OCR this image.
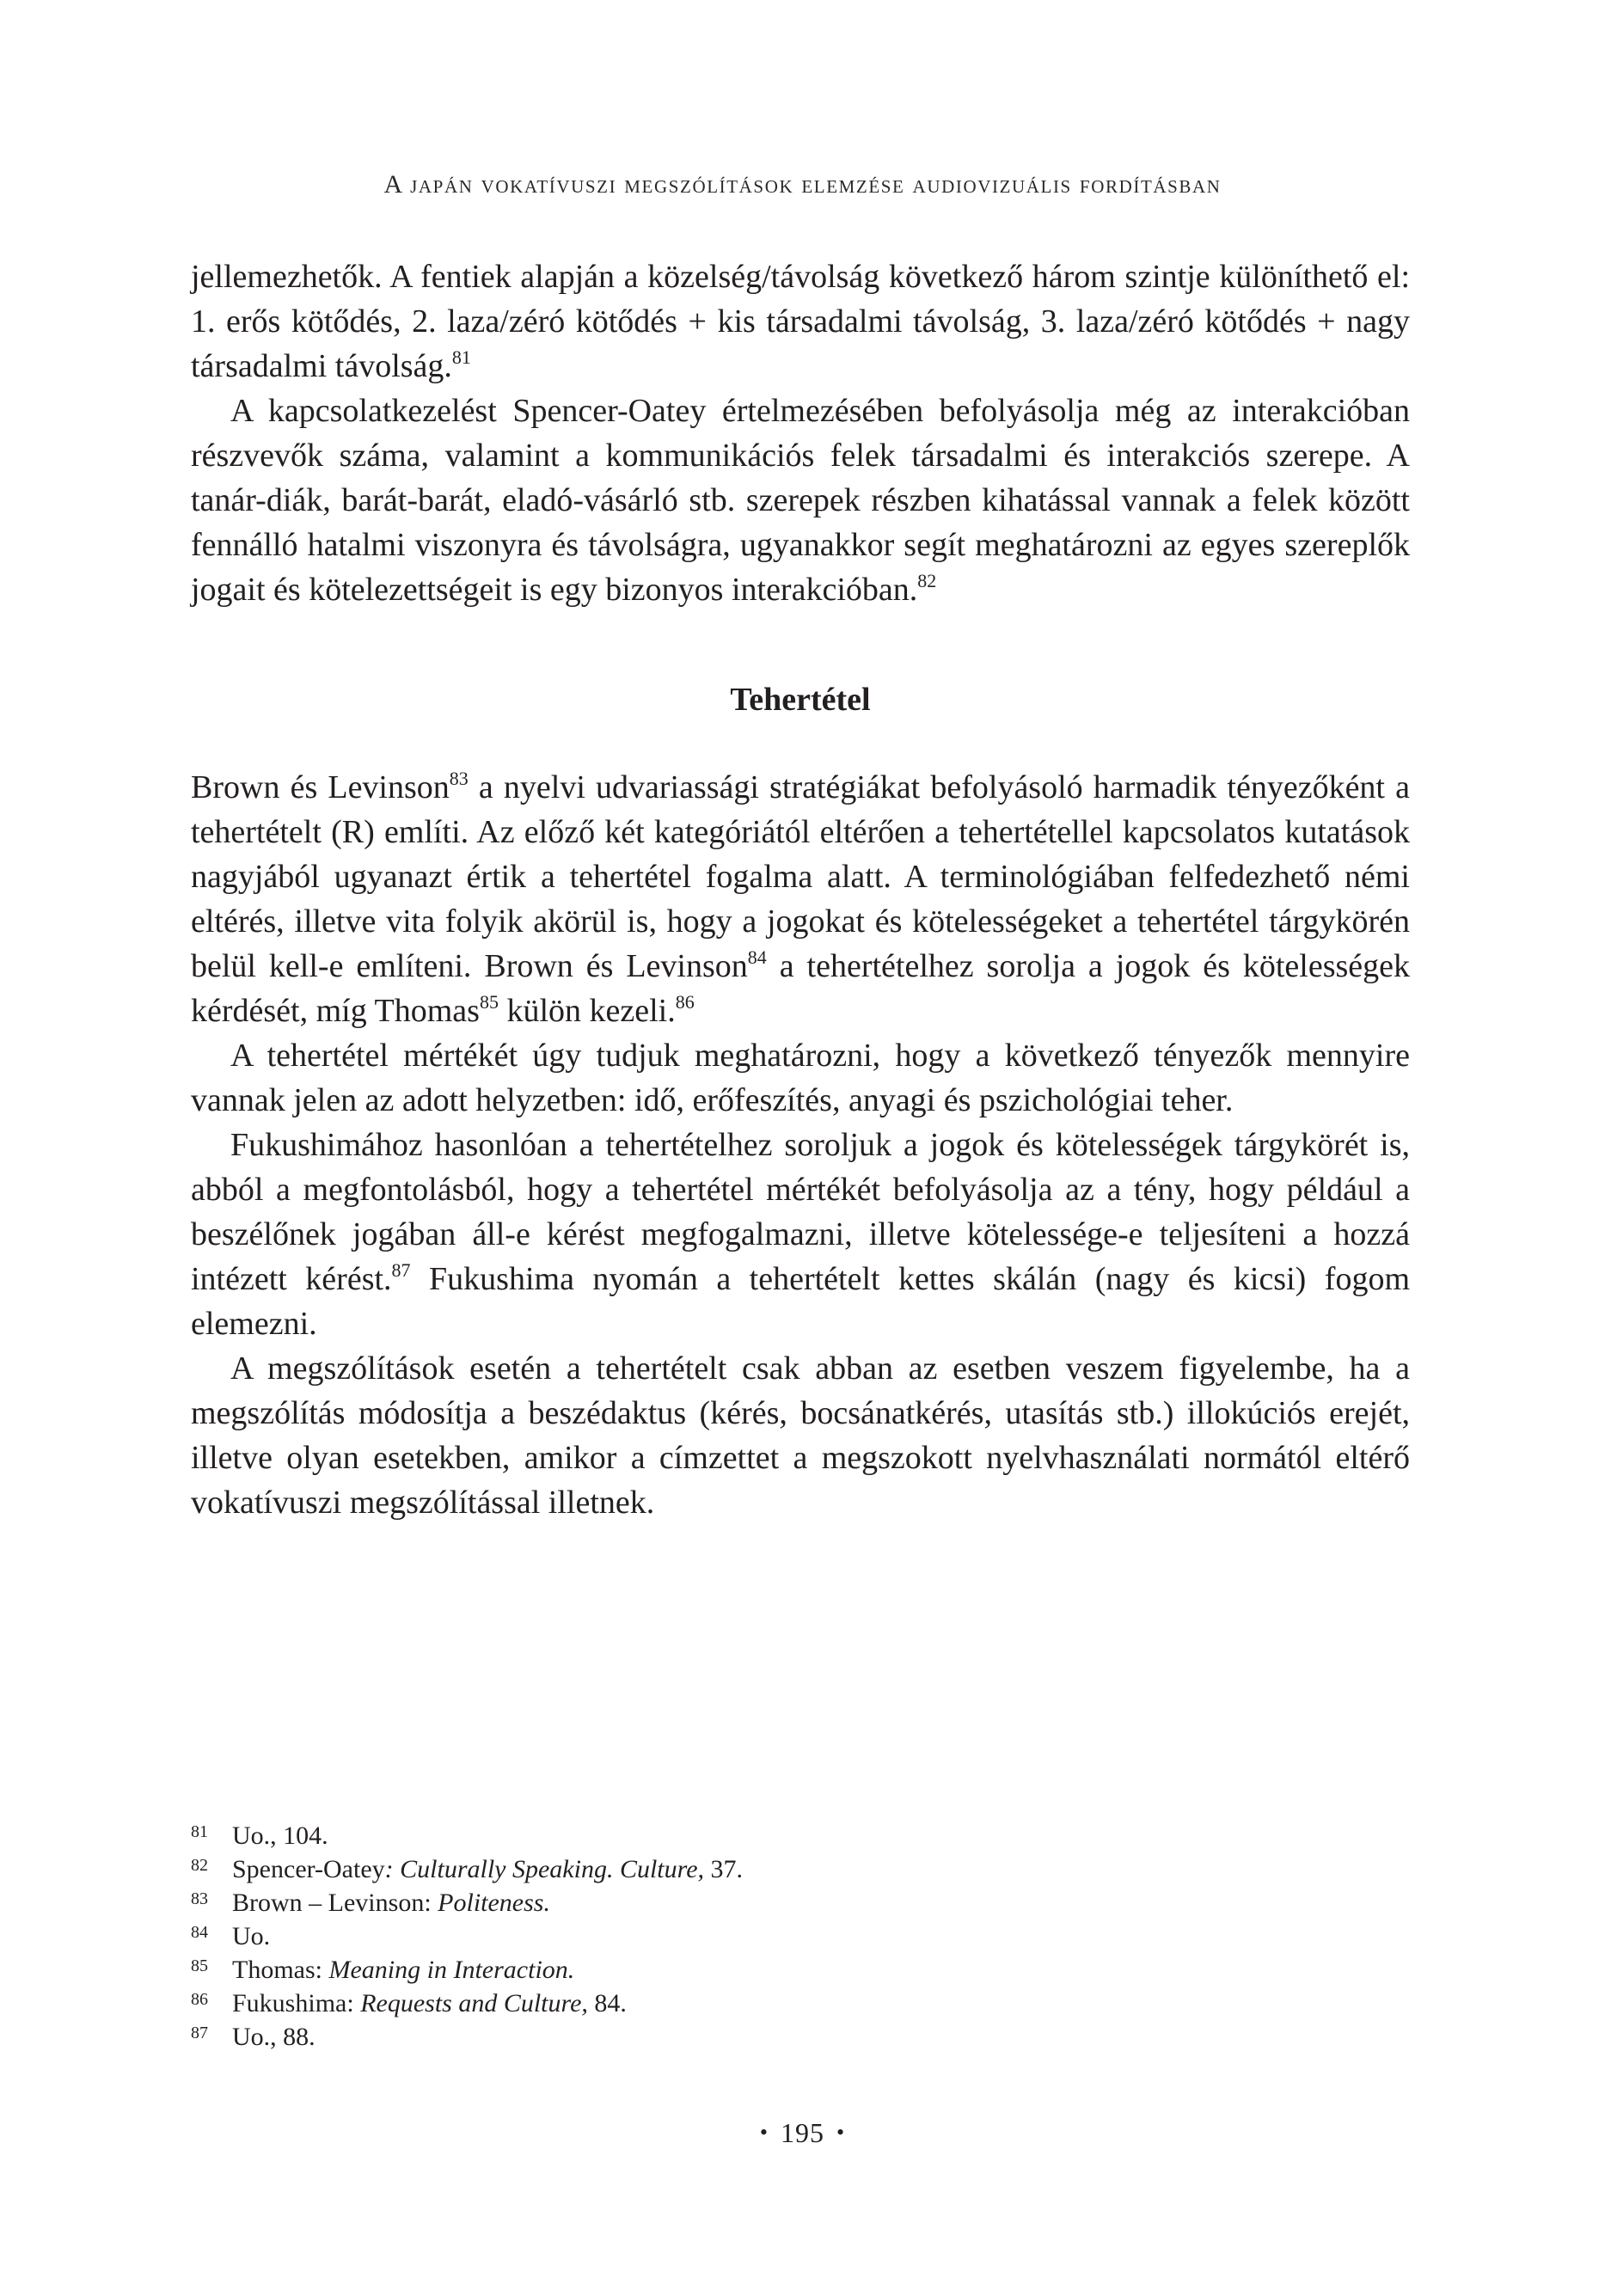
A japán vokatívuszi megszólítások elemzése audiovizuális fordításban

jellemezhetők. A fentiek alapján a közelség/távolság következő három szintje különíthető el: 1. erős kötődés, 2. laza/zéró kötődés + kis társadalmi távolság, 3. laza/zéró kötődés + nagy társadalmi távolság.$^{81}$

A kapcsolatkezelést Spencer-Oatey értelmezésében befolyásolja még az interakcióban részvevők száma, valamint a kommunikációs felek társadalmi és interakciós szerepe. A tanár-diák, barát-barát, eladó-vásárló stb. szerepek részben kihatással vannak a felek között fennálló hatalmi viszonyra és távolságra, ugyanakkor segít meghatározni az egyes szereplők jogait és kötelezettségeit is egy bizonyos interakcióban.$^{82}$

Tehertétel

Brown és Levinson$^{83}$ a nyelvi udvariassági stratégiákat befolyásoló harmadik tényezőként a tehertételt (R) említi. Az előző két kategóriától eltérően a tehertétellel kapcsolatos kutatások nagyjából ugyanazt értik a tehertétel fogalma alatt. A terminológiában felfedezhető némi eltérés, illetve vita folyik akörül is, hogy a jogokat és kötelességeket a tehertétel tárgykörén belül kell-e említeni. Brown és Levinson$^{84}$ a tehertételhez sorolja a jogok és kötelességek kérdését, míg Thomas$^{85}$ külön kezeli.$^{86}$

A tehertétel mértékét úgy tudjuk meghatározni, hogy a következő tényezők mennyire vannak jelen az adott helyzetben: idő, erőfeszítés, anyagi és pszichológiai teher.

Fukushimához hasonlóan a tehertételhez soroljuk a jogok és kötelességek tárgykörét is, abból a megfontolásból, hogy a tehertétel mértékét befolyásolja az a tény, hogy például a beszélőnek jogában áll-e kérést megfogalmazni, illetve kötelessége-e teljesíteni a hozzá intézett kérést.$^{87}$ Fukushima nyomán a tehertételt kettes skálán (nagy és kicsi) fogom elemezni.

A megszólítások esetén a tehertételt csak abban az esetben veszem figyelembe, ha a megszólítás módosítja a beszédaktus (kérés, bocsánatkérés, utasítás stb.) illokúciós erejét, illetve olyan esetekben, amikor a címzettet a megszokott nyelvhasználati normától eltérő vokatívuszi megszólítással illetnek.

81 Uo., 104.
82 Spencer-Oatey: Culturally Speaking. Culture, 37.
83 Brown – Levinson: Politeness.
84 Uo.
85 Thomas: Meaning in Interaction.
86 Fukushima: Requests and Culture, 84.
87 Uo., 88.
• 195 •
